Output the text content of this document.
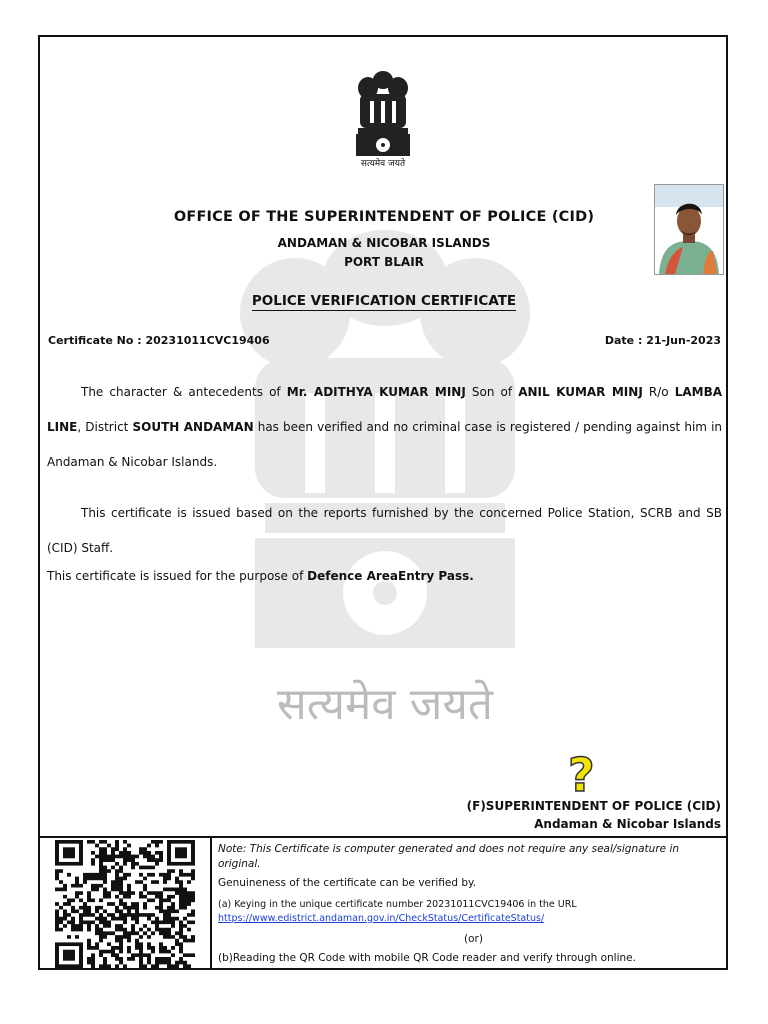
सत्यमेव जयते
सत्यमेव जयते
OFFICE OF THE SUPERINTENDENT OF POLICE (CID)
ANDAMAN & NICOBAR ISLANDS
PORT BLAIR
POLICE VERIFICATION CERTIFICATE
Certificate No : 20231011CVC19406	Date : 21-Jun-2023
The character & antecedents of Mr. ADITHYA KUMAR MINJ Son of ANIL KUMAR MINJ R/o LAMBA LINE, District SOUTH ANDAMAN has been verified and no criminal case is registered / pending against him in Andaman & Nicobar Islands.
This certificate is issued based on the reports furnished by the concerned Police Station, SCRB and SB (CID) Staff.
This certificate is issued for the purpose of Defence AreaEntry Pass.
?
(F)SUPERINTENDENT OF POLICE (CID)
Andaman & Nicobar Islands
Note: This Certificate is computer generated and does not require any seal/signature in original.
Genuineness of the certificate can be verified by.
(a) Keying in the unique certificate number 20231011CVC19406 in the URL
https://www.edistrict.andaman.gov.in/CheckStatus/CertificateStatus/
(or)
(b)Reading the QR Code with mobile QR Code reader and verify through online.
